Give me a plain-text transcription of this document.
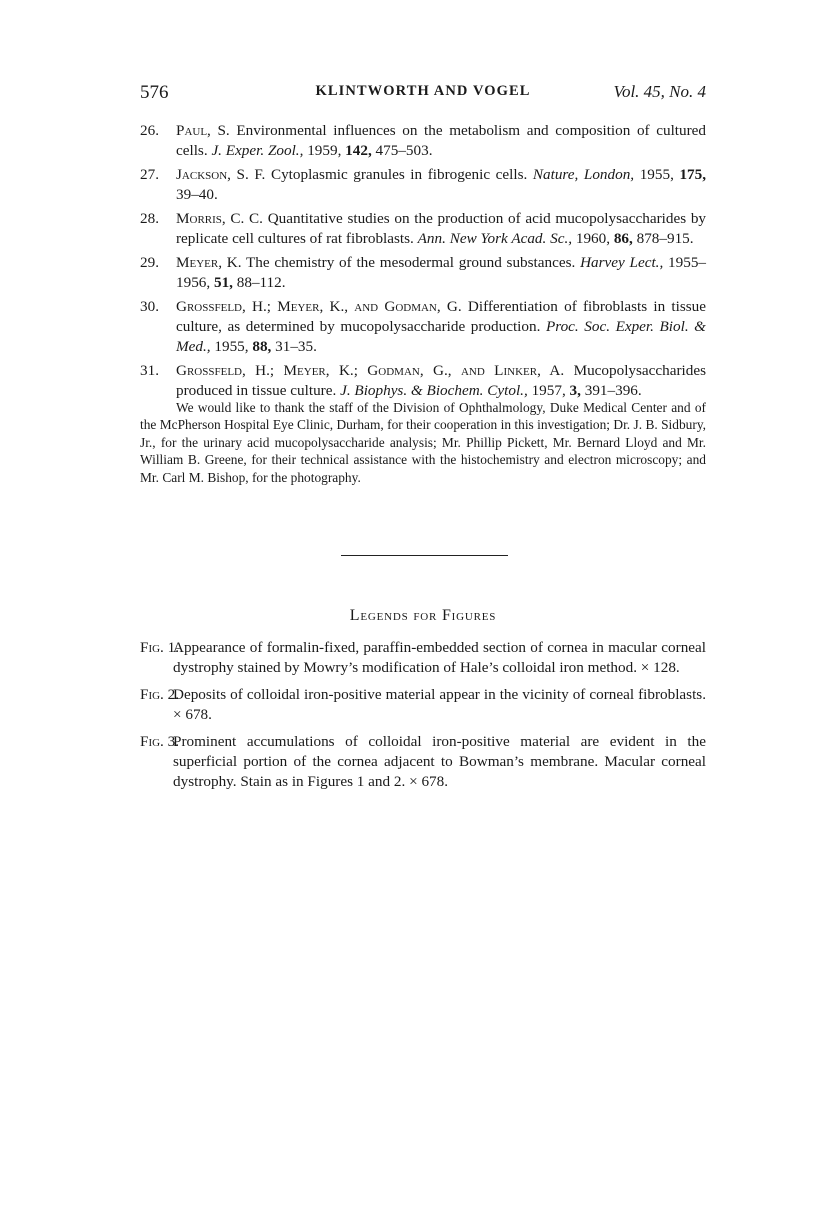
576	KLINTWORTH AND VOGEL	Vol. 45, No. 4
26. Paul, S. Environmental influences on the metabolism and composition of cultured cells. J. Exper. Zool., 1959, 142, 475–503.
27. Jackson, S. F. Cytoplasmic granules in fibrogenic cells. Nature, London, 1955, 175, 39–40.
28. Morris, C. C. Quantitative studies on the production of acid mucopolysaccharides by replicate cell cultures of rat fibroblasts. Ann. New York Acad. Sc., 1960, 86, 878–915.
29. Meyer, K. The chemistry of the mesodermal ground substances. Harvey Lect., 1955–1956, 51, 88–112.
30. Grossfeld, H.; Meyer, K., and Godman, G. Differentiation of fibroblasts in tissue culture, as determined by mucopolysaccharide production. Proc. Soc. Exper. Biol. & Med., 1955, 88, 31–35.
31. Grossfeld, H.; Meyer, K.; Godman, G., and Linker, A. Mucopolysaccharides produced in tissue culture. J. Biophys. & Biochem. Cytol., 1957, 3, 391–396.

We would like to thank the staff of the Division of Ophthalmology, Duke Medical Center and of the McPherson Hospital Eye Clinic, Durham, for their cooperation in this investigation; Dr. J. B. Sidbury, Jr., for the urinary acid mucopolysaccharide analysis; Mr. Phillip Pickett, Mr. Bernard Lloyd and Mr. William B. Greene, for their technical assistance with the histochemistry and electron microscopy; and Mr. Carl M. Bishop, for the photography.

Legends for Figures
Fig. 1.
Appearance of formalin-fixed, paraffin-embedded section of cornea in macular corneal dystrophy stained by Mowry’s modification of Hale’s colloidal iron method. × 128.
Fig. 2.
Deposits of colloidal iron-positive material appear in the vicinity of corneal fibroblasts. × 678.
Fig. 3.
Prominent accumulations of colloidal iron-positive material are evident in the superficial portion of the cornea adjacent to Bowman’s membrane. Macular corneal dystrophy. Stain as in Figures 1 and 2. × 678.
